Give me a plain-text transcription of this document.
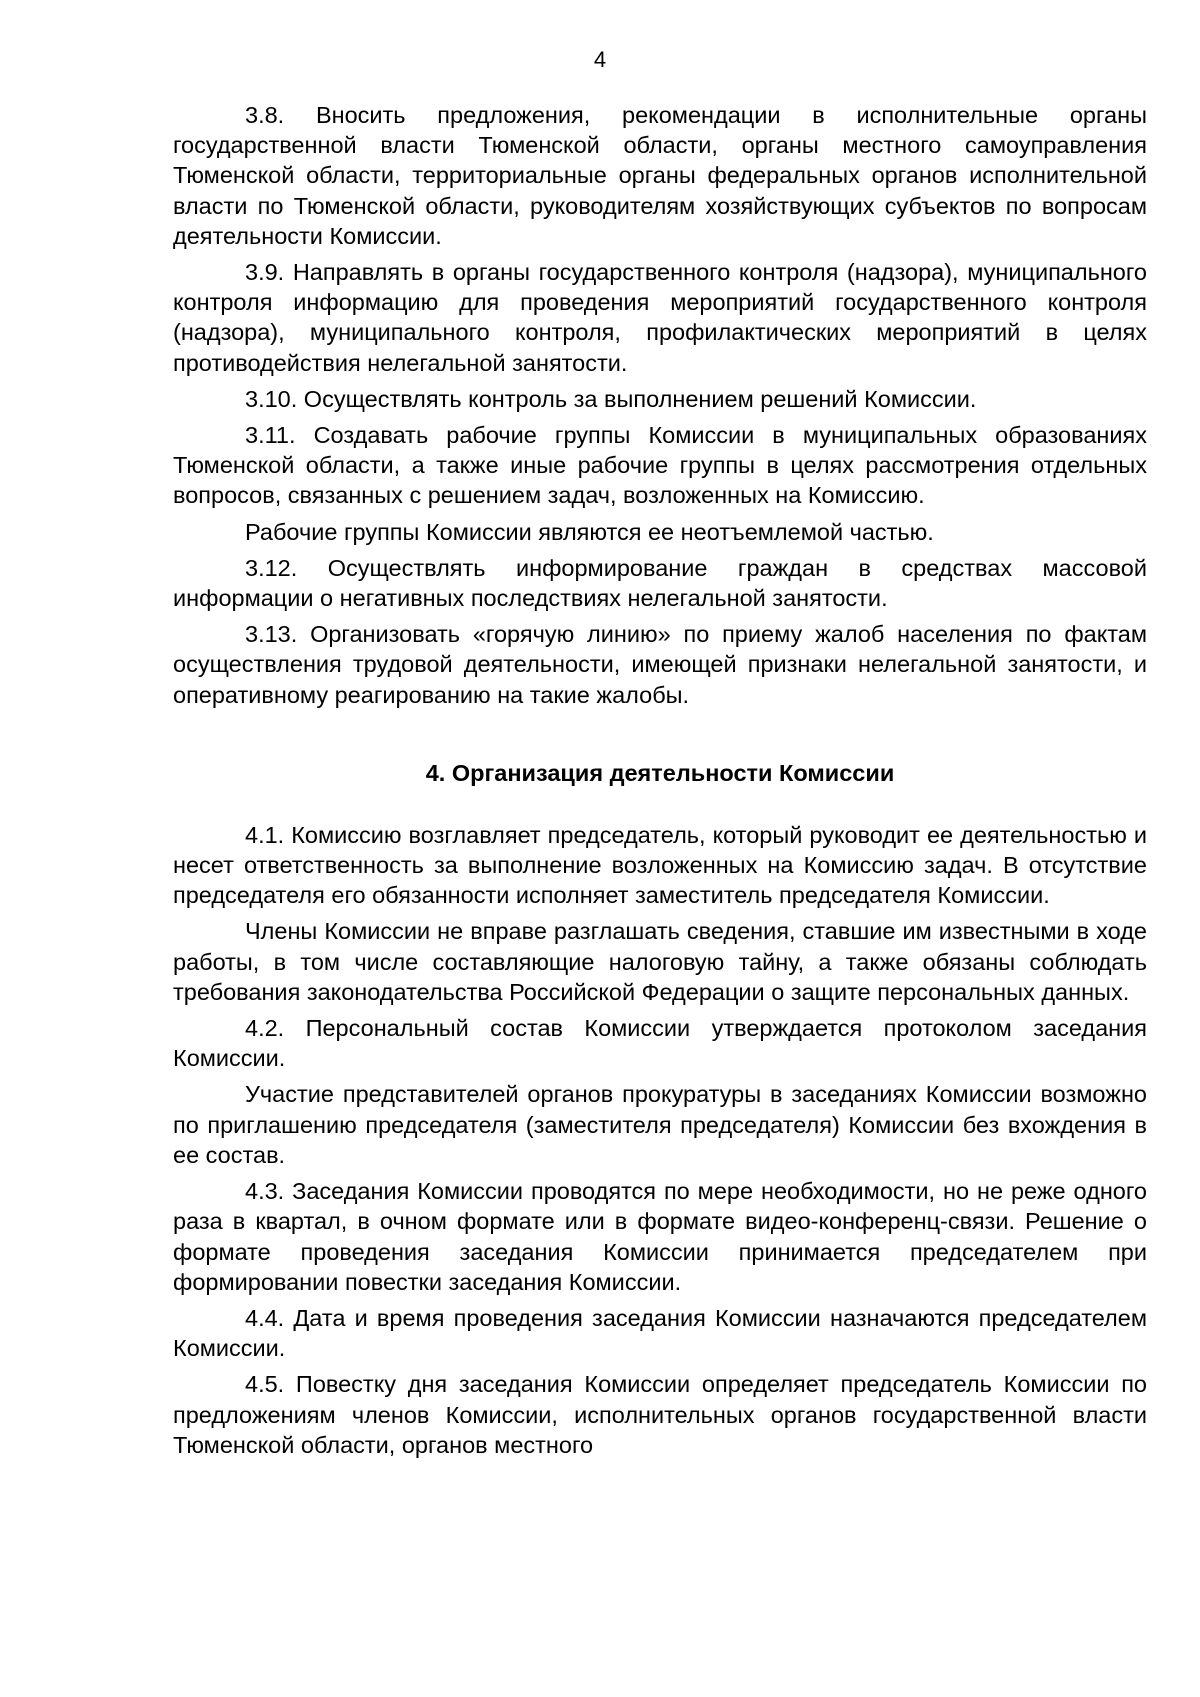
4

3.8. Вносить предложения, рекомендации в исполнительные органы государственной власти Тюменской области, органы местного самоуправления Тюменской области, территориальные органы федеральных органов исполнительной власти по Тюменской области, руководителям хозяйствующих субъектов по вопросам деятельности Комиссии.

3.9. Направлять в органы государственного контроля (надзора), муниципального контроля информацию для проведения мероприятий государственного контроля (надзора), муниципального контроля, профилактических мероприятий в целях противодействия нелегальной занятости.

3.10. Осуществлять контроль за выполнением решений Комиссии.

3.11. Создавать рабочие группы Комиссии в муниципальных образованиях Тюменской области, а также иные рабочие группы в целях рассмотрения отдельных вопросов, связанных с решением задач, возложенных на Комиссию.

Рабочие группы Комиссии являются ее неотъемлемой частью.

3.12. Осуществлять информирование граждан в средствах массовой информации о негативных последствиях нелегальной занятости.

3.13. Организовать «горячую линию» по приему жалоб населения по фактам осуществления трудовой деятельности, имеющей признаки нелегальной занятости, и оперативному реагированию на такие жалобы.

4. Организация деятельности Комиссии

4.1. Комиссию возглавляет председатель, который руководит ее деятельностью и несет ответственность за выполнение возложенных на Комиссию задач. В отсутствие председателя его обязанности исполняет заместитель председателя Комиссии.

Члены Комиссии не вправе разглашать сведения, ставшие им известными в ходе работы, в том числе составляющие налоговую тайну, а также обязаны соблюдать требования законодательства Российской Федерации о защите персональных данных.

4.2. Персональный состав Комиссии утверждается протоколом заседания Комиссии.

Участие представителей органов прокуратуры в заседаниях Комиссии возможно по приглашению председателя (заместителя председателя) Комиссии без вхождения в ее состав.

4.3. Заседания Комиссии проводятся по мере необходимости, но не реже одного раза в квартал, в очном формате или в формате видео-конференц-связи. Решение о формате проведения заседания Комиссии принимается председателем при формировании повестки заседания Комиссии.

4.4. Дата и время проведения заседания Комиссии назначаются председателем Комиссии.

4.5. Повестку дня заседания Комиссии определяет председатель Комиссии по предложениям членов Комиссии, исполнительных органов государственной власти Тюменской области, органов местного
